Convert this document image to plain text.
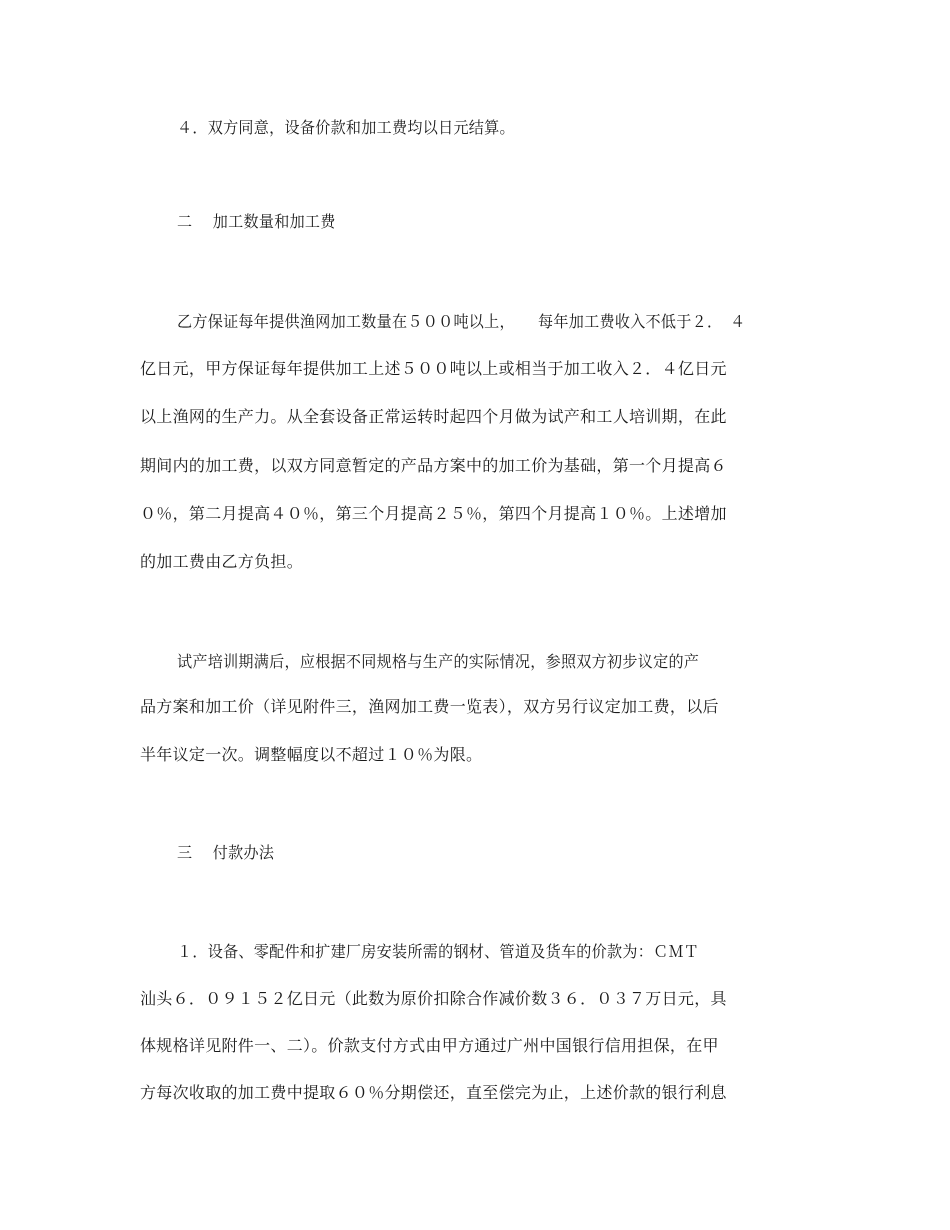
４．双方同意，设备价款和加工费均以日元结算。
二　 加工数量和加工费
乙方保证每年提供渔网加工数量在５００吨以上，　　每年加工费收入不低于２．　４
亿日元，甲方保证每年提供加工上述５００吨以上或相当于加工收入２．４亿日元
以上渔网的生产力。从全套设备正常运转时起四个月做为试产和工人培训期，在此
期间内的加工费，以双方同意暂定的产品方案中的加工价为基础，第一个月提高６
０％，第二月提高４０％，第三个月提高２５％，第四个月提高１０％。上述增加
的加工费由乙方负担。
试产培训期满后，应根据不同规格与生产的实际情况，参照双方初步议定的产
品方案和加工价（详见附件三，渔网加工费一览表），双方另行议定加工费，以后
半年议定一次。调整幅度以不超过１０％为限。
三　 付款办法
１．设备、零配件和扩建厂房安装所需的钢材、管道及货车的价款为：ＣＭＴ
汕头６．０９１５２亿日元（此数为原价扣除合作减价数３６．０３７万日元，具
体规格详见附件一、二）。价款支付方式由甲方通过广州中国银行信用担保，在甲
方每次收取的加工费中提取６０％分期偿还，直至偿完为止，上述价款的银行利息
